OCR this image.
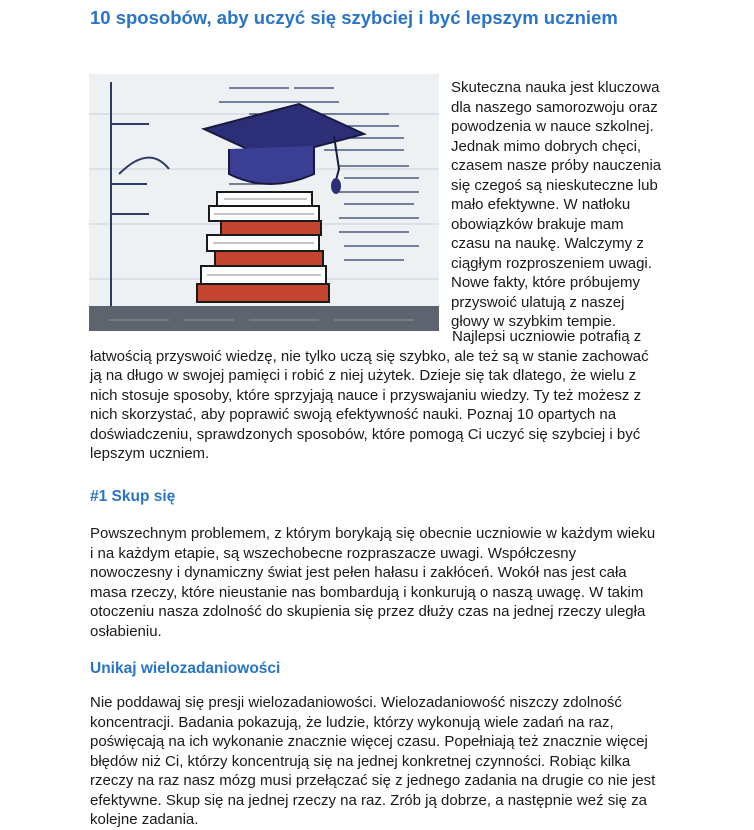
10 sposobów, aby uczyć się szybciej i być lepszym uczniem

Skuteczna nauka jest kluczowa
dla naszego samorozwoju oraz
powodzenia w nauce szkolnej.
Jednak mimo dobrych chęci,
czasem nasze próby nauczenia
się czegoś są nieskuteczne lub
mało efektywne. W natłoku
obowiązków brakuje mam
czasu na naukę. Walczymy z
ciągłym rozproszeniem uwagi.
Nowe fakty, które próbujemy
przyswoić ulatują z naszej
głowy w szybkim tempie.

Najlepsi uczniowie potrafią z
łatwością przyswoić wiedzę, nie tylko uczą się szybko, ale też są w stanie zachować
ją na długo w swojej pamięci i robić z niej użytek. Dzieje się tak dlatego, że wielu z
nich stosuje sposoby, które sprzyjają nauce i przyswajaniu wiedzy. Ty też możesz z
nich skorzystać, aby poprawić swoją efektywność nauki. Poznaj 10 opartych na
doświadczeniu, sprawdzonych sposobów, które pomogą Ci uczyć się szybciej i być
lepszym uczniem.

#1 Skup się

Powszechnym problemem, z którym borykają się obecnie uczniowie w każdym wieku
i na każdym etapie, są wszechobecne rozpraszacze uwagi. Współczesny
nowoczesny i dynamiczny świat jest pełen hałasu i zakłóceń. Wokół nas jest cała
masa rzeczy, które nieustanie nas bombardują i konkurują o naszą uwagę. W takim
otoczeniu nasza zdolność do skupienia się przez dłuży czas na jednej rzeczy uległa
osłabieniu.

Unikaj wielozadaniowości

Nie poddawaj się presji wielozadaniowości. Wielozadaniowość niszczy zdolność
koncentracji. Badania pokazują, że ludzie, którzy wykonują wiele zadań na raz,
poświęcają na ich wykonanie znacznie więcej czasu. Popełniają też znacznie więcej
błędów niż Ci, którzy koncentrują się na jednej konkretnej czynności. Robiąc kilka
rzeczy na raz nasz mózg musi przełączać się z jednego zadania na drugie co nie jest
efektywne. Skup się na jednej rzeczy na raz. Zrób ją dobrze, a następnie weź się za
kolejne zadania.
